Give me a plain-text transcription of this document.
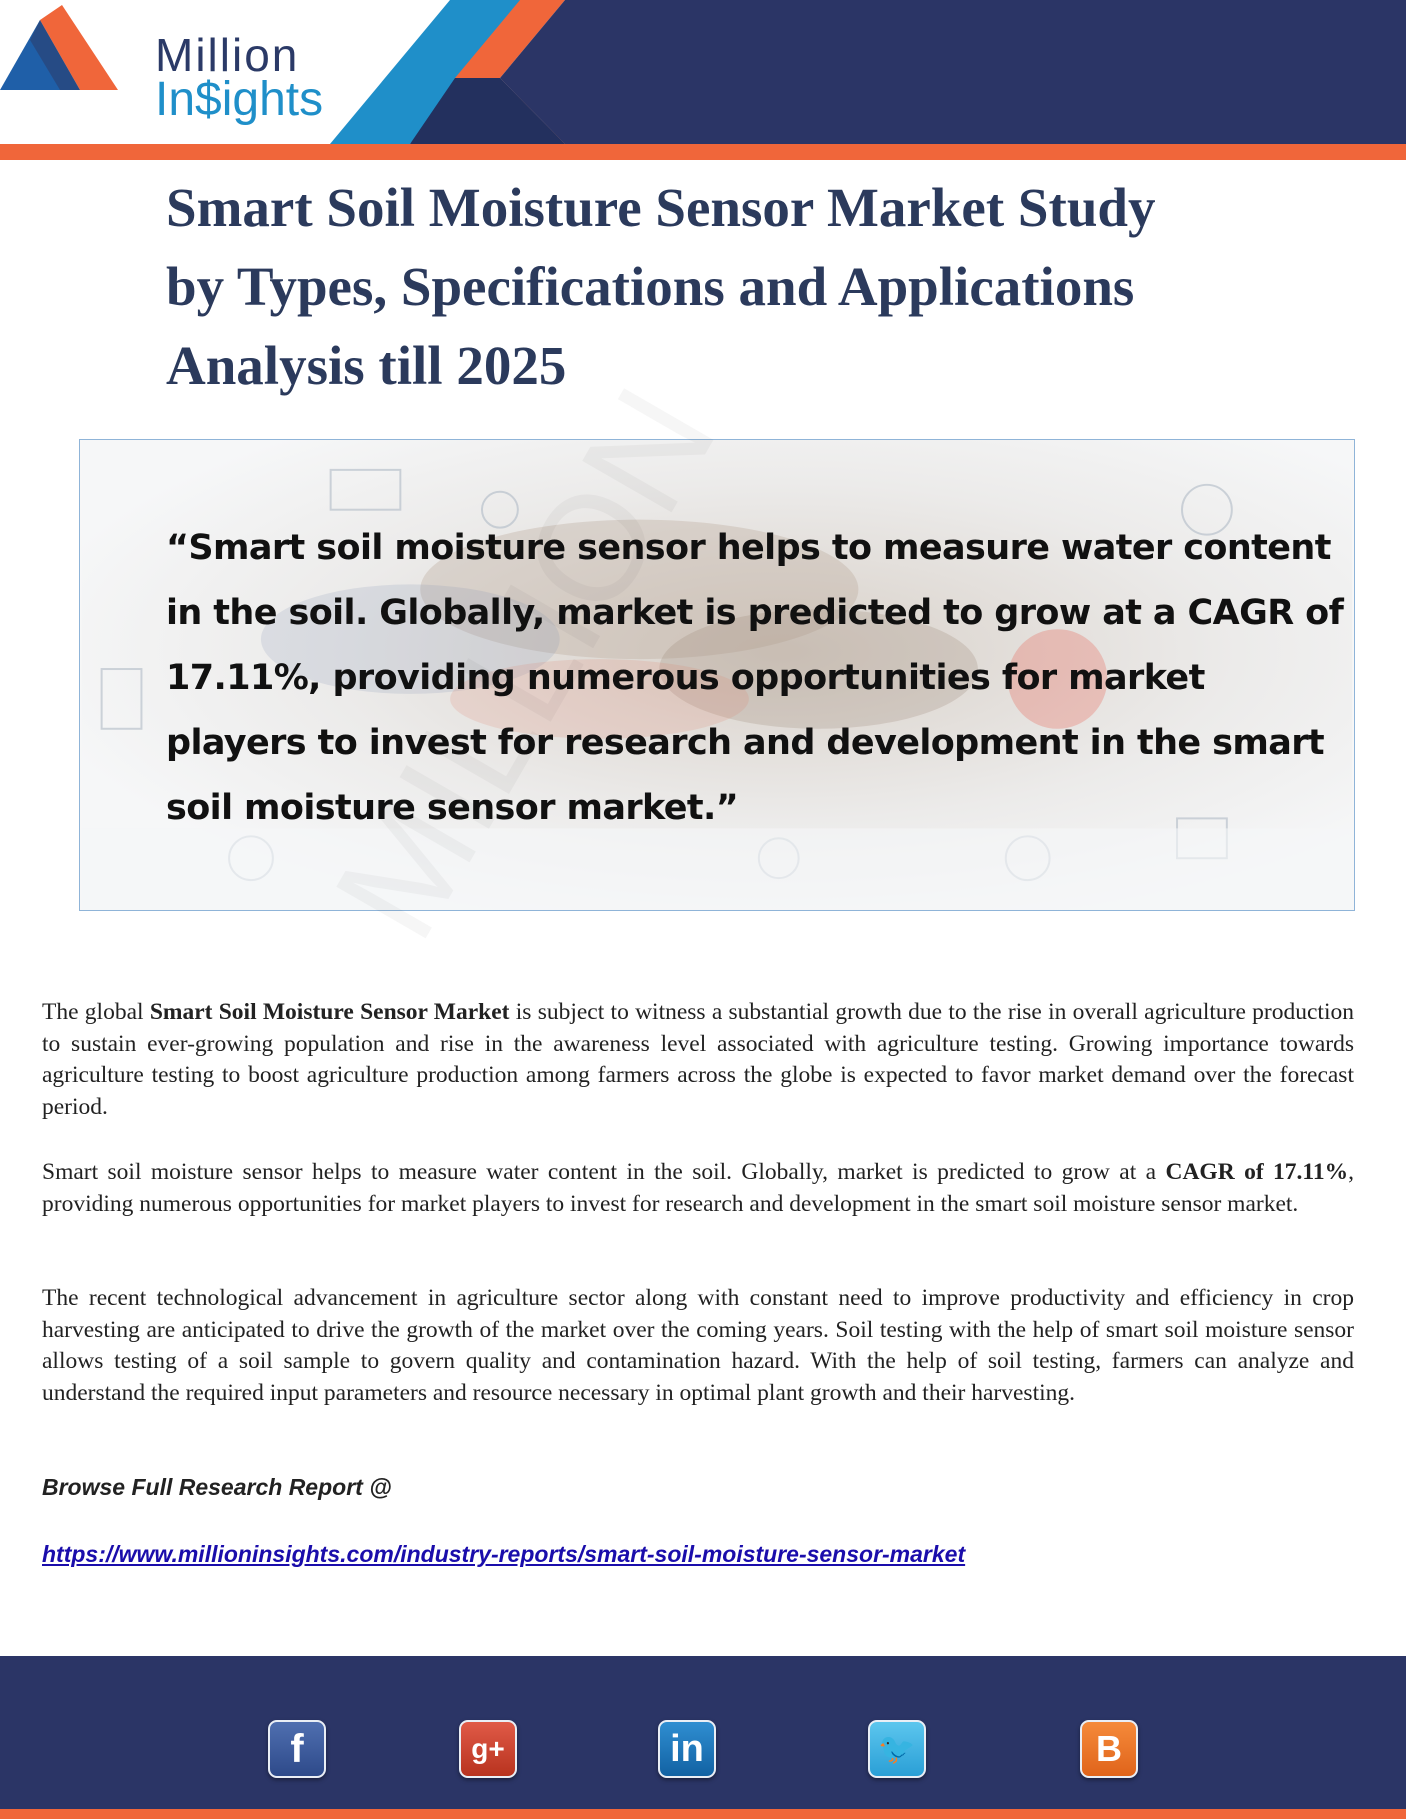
Million
In$ights
Smart Soil Moisture Sensor Market Study by Types, Specifications and Applications Analysis till 2025

“Smart soil moisture sensor helps to measure water content in the soil. Globally, market is predicted to grow at a CAGR of 17.11%, providing numerous opportunities for market players to invest for research and development in the smart soil moisture sensor market.”

The global Smart Soil Moisture Sensor Market is subject to witness a substantial growth due to the rise in overall agriculture production to sustain ever-growing population and rise in the awareness level associated with agriculture testing. Growing importance towards agriculture testing to boost agriculture production among farmers across the globe is expected to favor market demand over the forecast period.

Smart soil moisture sensor helps to measure water content in the soil. Globally, market is predicted to grow at a CAGR of 17.11%, providing numerous opportunities for market players to invest for research and development in the smart soil moisture sensor market.

The recent technological advancement in agriculture sector along with constant need to improve productivity and efficiency in crop harvesting are anticipated to drive the growth of the market over the coming years. Soil testing with the help of smart soil moisture sensor allows testing of a soil sample to govern quality and contamination hazard. With the help of soil testing, farmers can analyze and understand the required input parameters and resource necessary in optimal plant growth and their harvesting.

Browse Full Research Report @

https://www.millioninsights.com/industry-reports/smart-soil-moisture-sensor-market
f	g+	in	🐦	B
